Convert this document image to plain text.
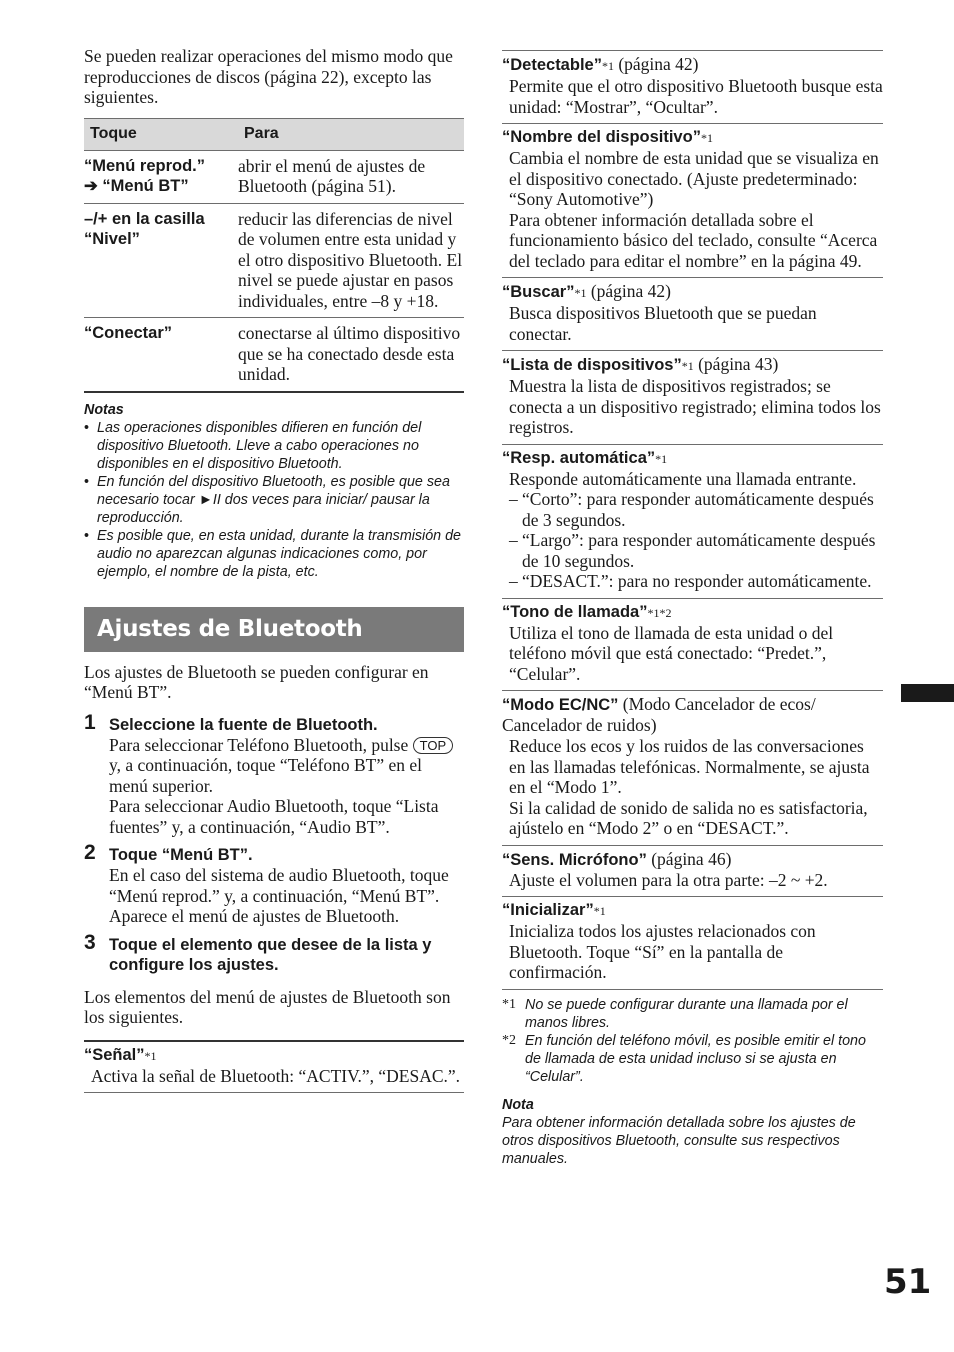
Se pueden realizar operaciones del mismo modo que reproducciones de discos (página 22), excepto las siguientes.

Toque	Para
“Menú reprod.”
➔ “Menú BT”	abrir el menú de ajustes de Bluetooth (página 51).
–/+ en la casilla
“Nivel”	reducir las diferencias de nivel de volumen entre esta unidad y el otro dispositivo Bluetooth. El nivel se puede ajustar en pasos individuales, entre –8 y +18.
“Conectar”	conectarse al último dispositivo que se ha conectado desde esta unidad.
Notas
• Las operaciones disponibles difieren en función del dispositivo Bluetooth. Lleve a cabo operaciones no disponibles en el dispositivo Bluetooth.
• En función del dispositivo Bluetooth, es posible que sea necesario tocar ►II dos veces para iniciar/ pausar la reproducción.
• Es posible que, en esta unidad, durante la transmisión de audio no aparezcan algunas indicaciones como, por ejemplo, el nombre de la pista, etc.
Ajustes de Bluetooth

Los ajustes de Bluetooth se pueden configurar en “Menú BT”.

1 Seleccione la fuente de Bluetooth.
Para seleccionar Teléfono Bluetooth, pulse TOP y, a continuación, toque “Teléfono BT” en el menú superior.
Para seleccionar Audio Bluetooth, toque “Lista fuentes” y, a continuación, “Audio BT”.
2 Toque “Menú BT”.
En el caso del sistema de audio Bluetooth, toque “Menú reprod.” y, a continuación, “Menú BT”.
Aparece el menú de ajustes de Bluetooth.
3 Toque el elemento que desee de la lista y configure los ajustes.

Los elementos del menú de ajustes de Bluetooth son los siguientes.

“Señal”*1
Activa la señal de Bluetooth: “ACTIV.”, “DESAC.”.
“Detectable”*1 (página 42)
Permite que el otro dispositivo Bluetooth busque esta unidad: “Mostrar”, “Ocultar”.
“Nombre del dispositivo”*1
Cambia el nombre de esta unidad que se visualiza en el dispositivo conectado. (Ajuste predeterminado: “Sony Automotive”)
Para obtener información detallada sobre el funcionamiento básico del teclado, consulte “Acerca del teclado para editar el nombre” en la página 49.
“Buscar”*1 (página 42)
Busca dispositivos Bluetooth que se puedan conectar.
“Lista de dispositivos”*1 (página 43)
Muestra la lista de dispositivos registrados; se conecta a un dispositivo registrado; elimina todos los registros.
“Resp. automática”*1
Responde automáticamente una llamada entrante.
– “Corto”: para responder automáticamente después de 3 segundos.
– “Largo”: para responder automáticamente después de 10 segundos.
– “DESACT.”: para no responder automáticamente.
“Tono de llamada”*1*2
Utiliza el tono de llamada de esta unidad o del teléfono móvil que está conectado: “Predet.”, “Celular”.
“Modo EC/NC” (Modo Cancelador de ecos/ Cancelador de ruidos)
Reduce los ecos y los ruidos de las conversaciones en las llamadas telefónicas. Normalmente, se ajusta en el “Modo 1”.
Si la calidad de sonido de salida no es satisfactoria, ajústelo en “Modo 2” o en “DESACT.”.
“Sens. Micrófono” (página 46)
Ajuste el volumen para la otra parte: –2 ~ +2.
“Inicializar”*1
Inicializa todos los ajustes relacionados con Bluetooth. Toque “Sí” en la pantalla de confirmación.
*1 No se puede configurar durante una llamada por el manos libres.
*2 En función del teléfono móvil, es posible emitir el tono de llamada de esta unidad incluso si se ajusta en “Celular”.
Nota
Para obtener información detallada sobre los ajustes de otros dispositivos Bluetooth, consulte sus respectivos manuales.
51
